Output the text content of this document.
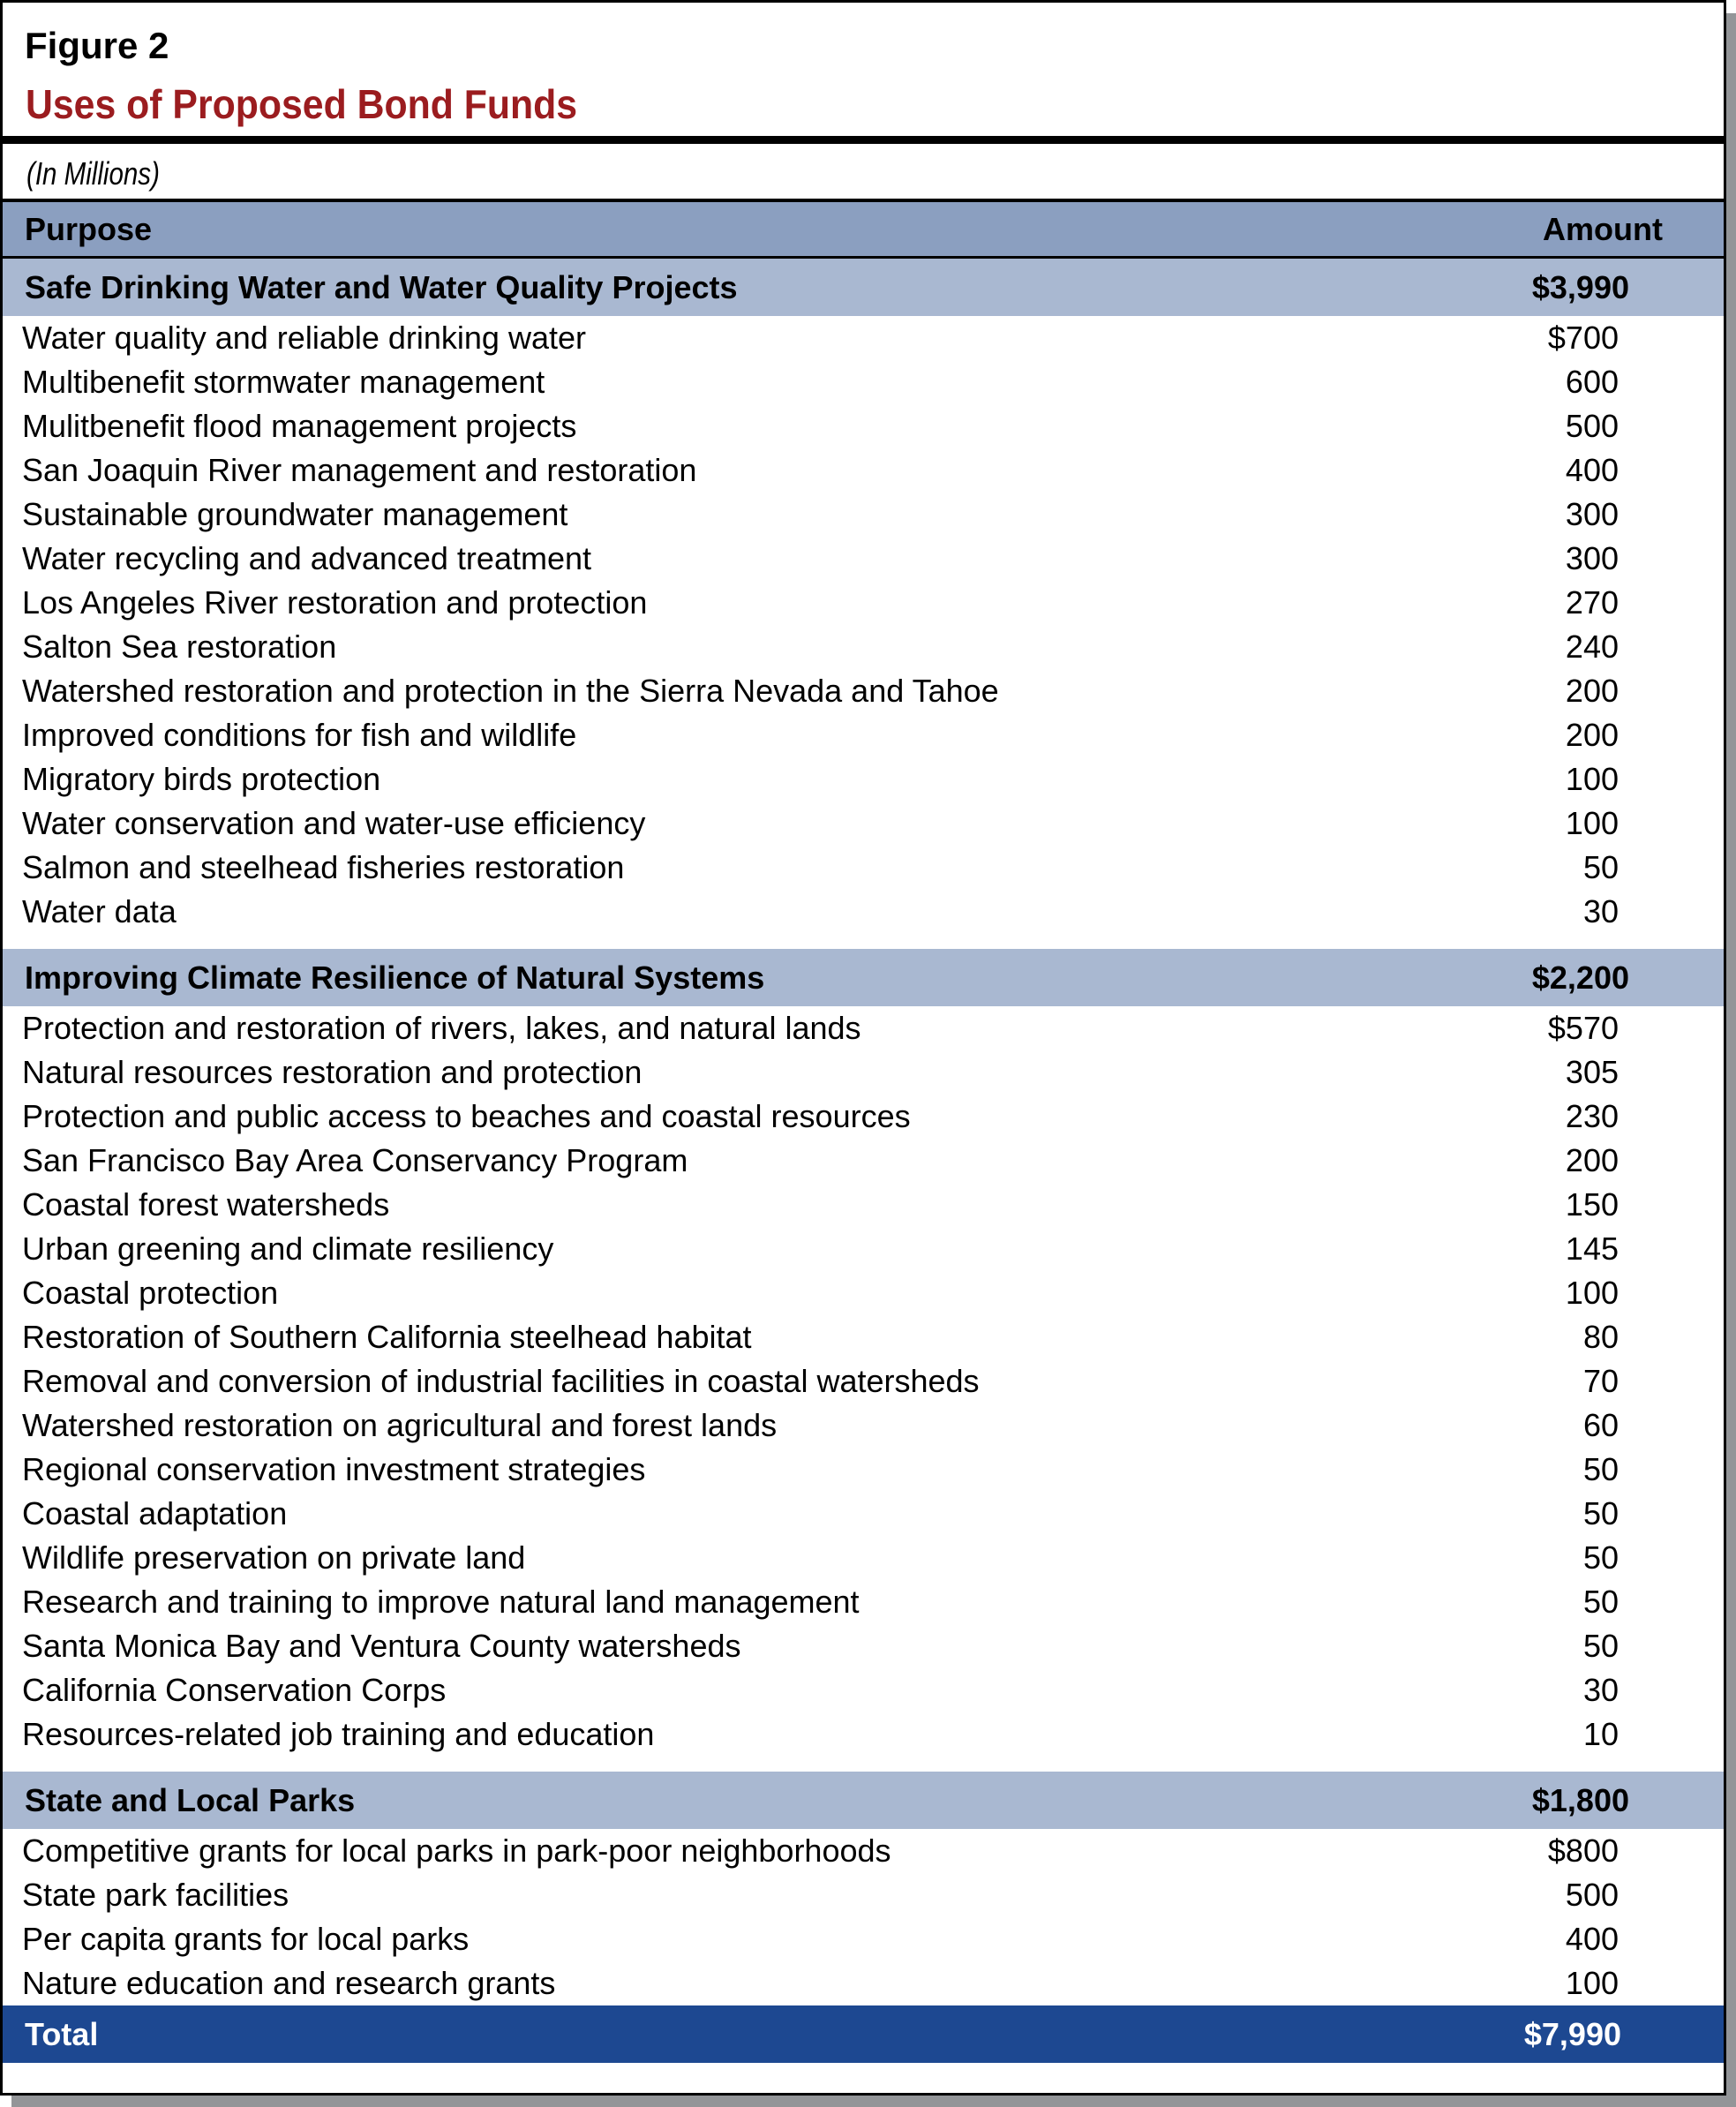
Figure 2
Uses of Proposed Bond Funds
(In Millions)
Purpose	Amount
Safe Drinking Water and Water Quality Projects	$3,990
Water quality and reliable drinking water	$700
Multibenefit stormwater management	600
Mulitbenefit flood management projects	500
San Joaquin River management and restoration	400
Sustainable groundwater management	300
Water recycling and advanced treatment	300
Los Angeles River restoration and protection	270
Salton Sea restoration	240
Watershed restoration and protection in the Sierra Nevada and Tahoe	200
Improved conditions for fish and wildlife	200
Migratory birds protection	100
Water conservation and water-use efficiency	100
Salmon and steelhead fisheries restoration	50
Water data	30
Improving Climate Resilience of Natural Systems	$2,200
Protection and restoration of rivers, lakes, and natural lands	$570
Natural resources restoration and protection	305
Protection and public access to beaches and coastal resources	230
San Francisco Bay Area Conservancy Program	200
Coastal forest watersheds	150
Urban greening and climate resiliency	145
Coastal protection	100
Restoration of Southern California steelhead habitat	80
Removal and conversion of industrial facilities in coastal watersheds	70
Watershed restoration on agricultural and forest lands	60
Regional conservation investment strategies	50
Coastal adaptation	50
Wildlife preservation on private land	50
Research and training to improve natural land management	50
Santa Monica Bay and Ventura County watersheds	50
California Conservation Corps	30
Resources-related job training and education	10
State and Local Parks	$1,800
Competitive grants for local parks in park-poor neighborhoods	$800
State park facilities	500
Per capita grants for local parks	400
Nature education and research grants	100
Total	$7,990
